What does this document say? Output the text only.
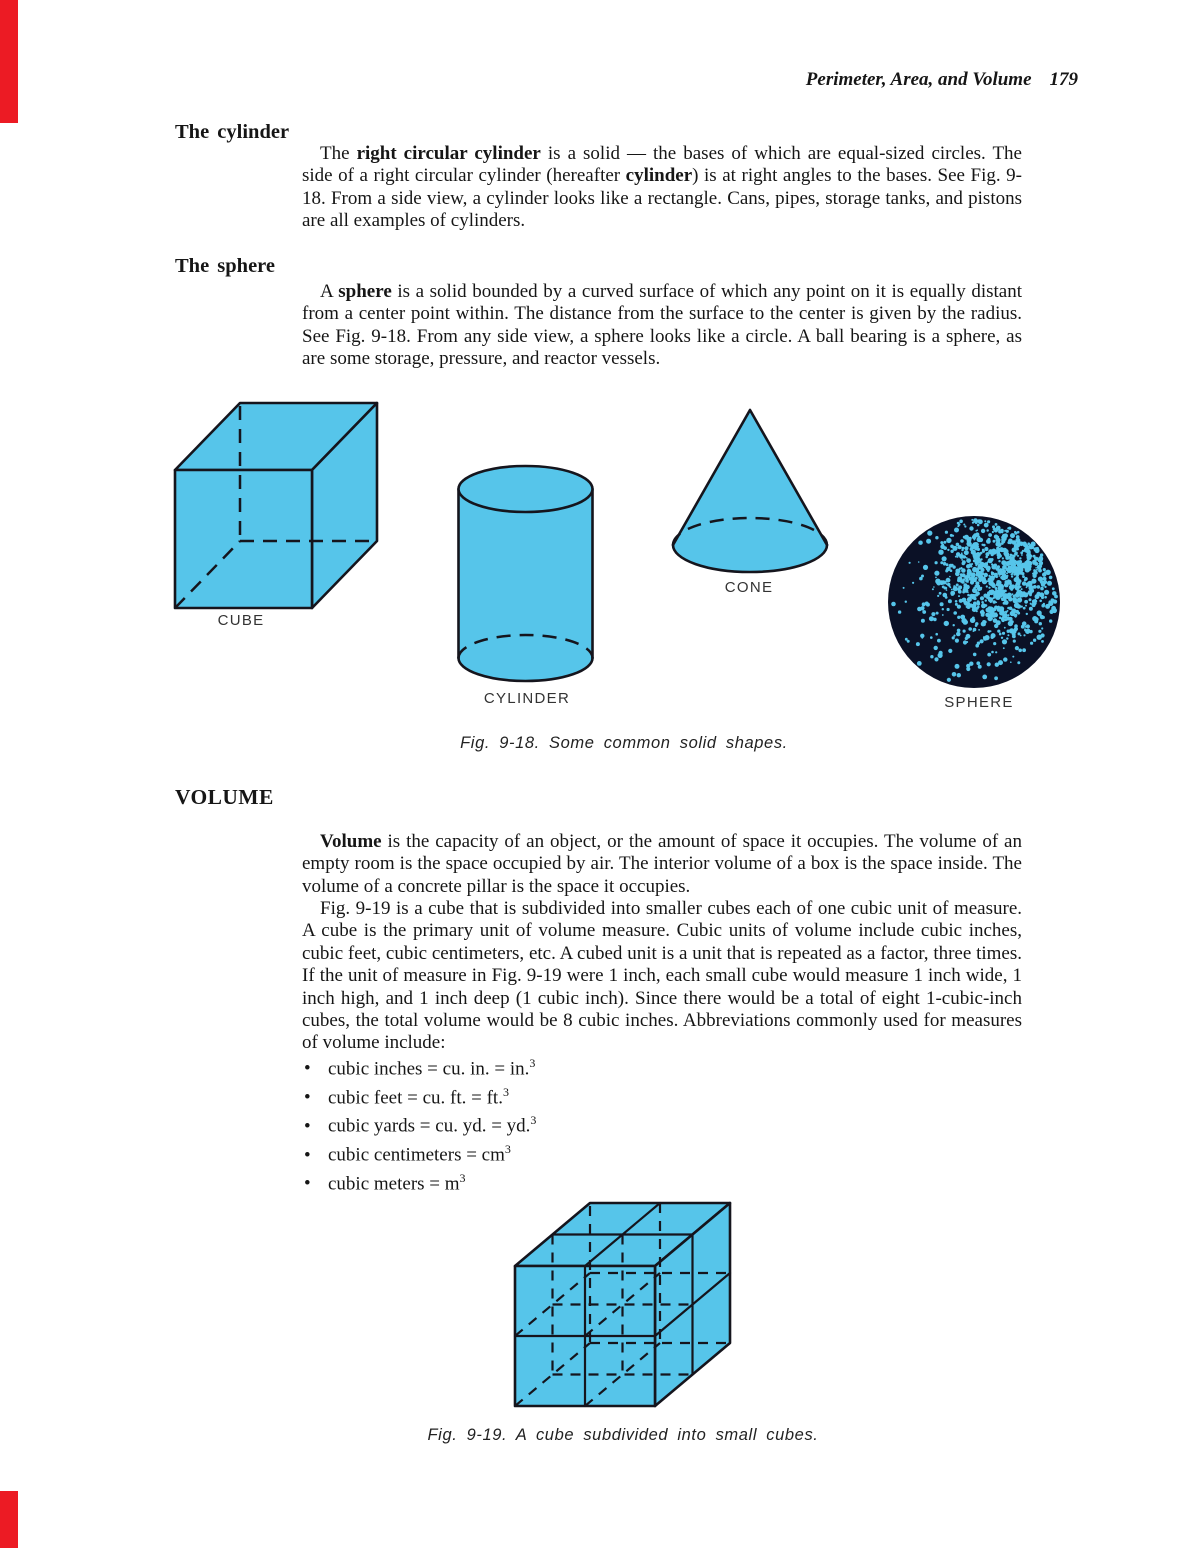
Perimeter, Area, and Volume 179
The cylinder
The right circular cylinder is a solid — the bases of which are equal-sized circles. The side of a right circular cylinder (hereafter cylinder) is at right angles to the bases. See Fig. 9-18. From a side view, a cylinder looks like a rectangle. Cans, pipes, storage tanks, and pistons are all examples of cylinders.
The sphere
A sphere is a solid bounded by a curved surface of which any point on it is equally distant from a center point within. The distance from the surface to the center is given by the radius. See Fig. 9-18. From any side view, a sphere looks like a circle. A ball bearing is a sphere, as are some storage, pressure, and reactor vessels.
CUBE
CYLINDER
CONE
SPHERE
Fig. 9-18. Some common solid shapes.
VOLUME
Volume is the capacity of an object, or the amount of space it occupies. The volume of an empty room is the space occupied by air. The interior volume of a box is the space inside. The volume of a concrete pillar is the space it occupies.
Fig. 9-19 is a cube that is subdivided into smaller cubes each of one cubic unit of measure. A cube is the primary unit of volume measure. Cubic units of volume include cubic inches, cubic feet, cubic centimeters, etc. A cubed unit is a unit that is repeated as a factor, three times. If the unit of measure in Fig. 9-19 were 1 inch, each small cube would measure 1 inch wide, 1 inch high, and 1 inch deep (1 cubic inch). Since there would be a total of eight 1-cubic-inch cubes, the total volume would be 8 cubic inches. Abbreviations commonly used for measures of volume include:
• cubic inches = cu. in. = in.$^3$
• cubic feet = cu. ft. = ft.$^3$
• cubic yards = cu. yd. = yd.$^3$
• cubic centimeters = $cm^3$
• cubic meters = $m^3$
Fig. 9-19. A cube subdivided into small cubes.
